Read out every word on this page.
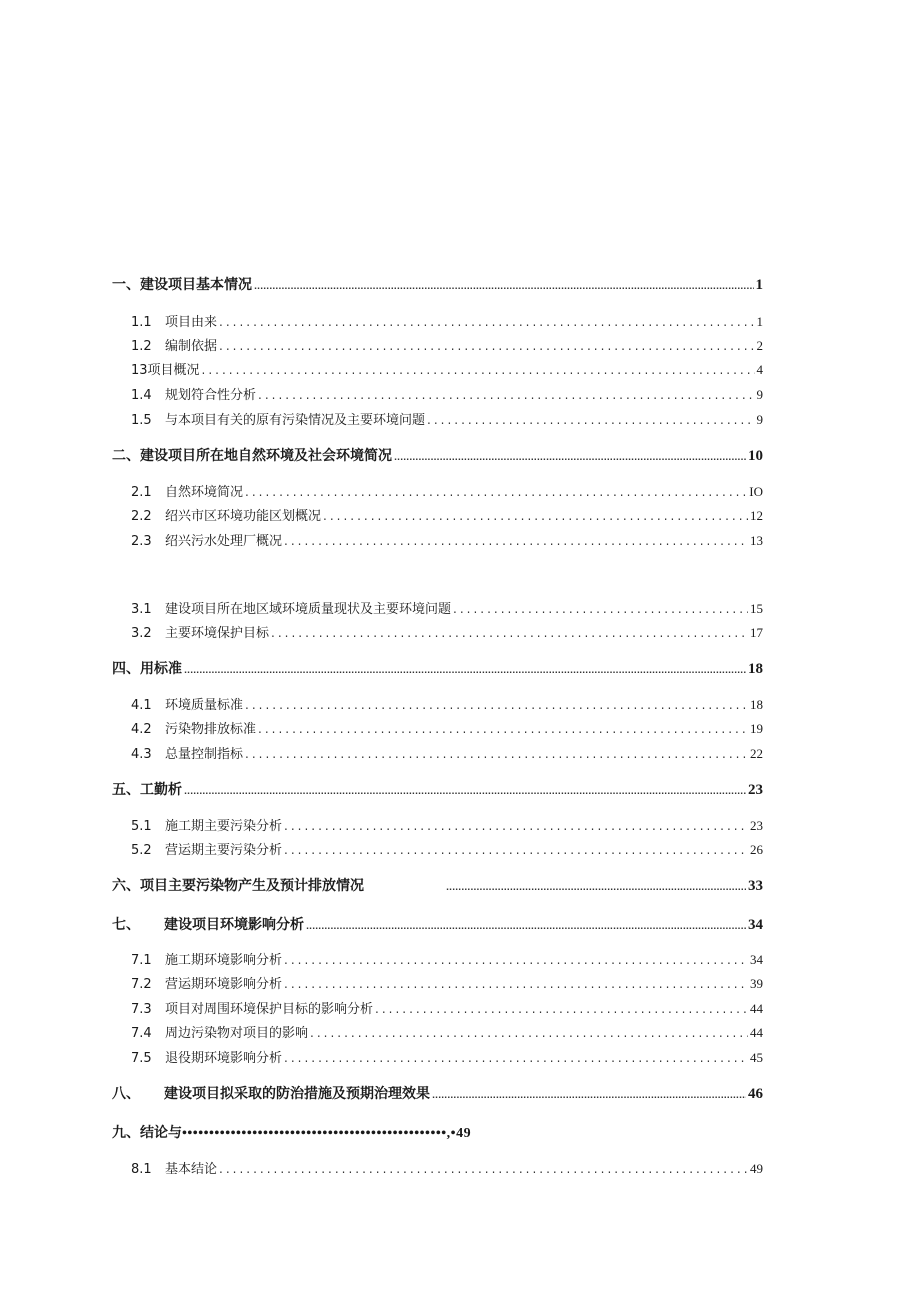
一、 建设项目基本情况 .....	1
1.1	项目由来 .....	1
1.2	编制依据 .....	2
13项目概况 .....	4
1.4	规划符合性分析 .....	9
1.5	与本项目有关的原有污染情况及主要环境问题 .....	9
二、 建设项目所在地自然环境及社会环境简况 .....	10
2.1	自然环境简况 .....	IO
2.2	绍兴市区环境功能区划概况 .....	12
2.3	绍兴污水处理厂概况 .....	13
3.1	建设项目所在地区域环境质量现状及主要环境问题 .....	15
3.2	主要环境保护目标 .....	17
四、 用标准 .....	18
4.1	环境质量标准 .....	18
4.2	污染物排放标准 .....	19
4.3	总量控制指标 .....	22
五、 工勤析 .....	23
5.1	施工期主要污染分析 .....	23
5.2	营运期主要污染分析 .....	26
六、 项目主要污染物产生及预计排放情况 .....	33
七、	建设项目环境影响分析 .....	34
7.1	施工期环境影响分析 .....	34
7.2	营运期环境影响分析 .....	39
7.3	项目对周围环境保护目标的影响分析 .....	44
7.4	周边污染物对项目的影响 .....	44
7.5	退役期环境影响分析 .....	45
八、	建设项目拟采取的防治措施及预期治理效果 .....	46
九、 结论与 •••••••••••••••••••••••••••••••••••••••••••••••••,•49
8.1	基本结论 .....	49
